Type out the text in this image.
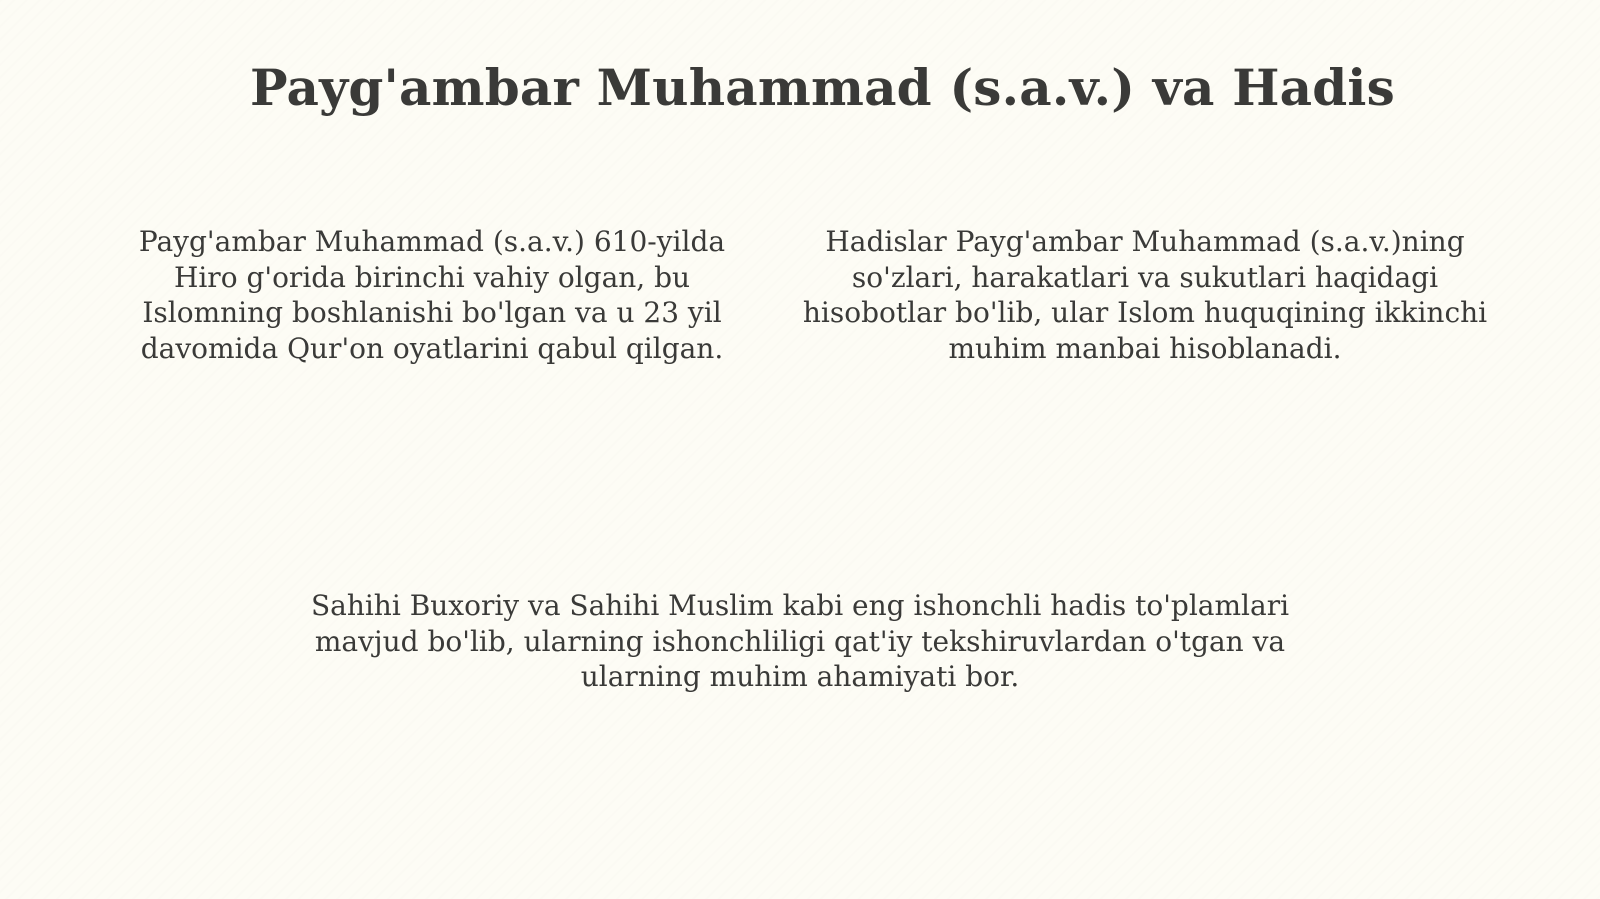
Payg'ambar Muhammad (s.a.v.) va Hadis

Payg'ambar Muhammad (s.a.v.) 610-yilda Hiro g'orida birinchi vahiy olgan, bu Islomning boshlanishi bo'lgan va u 23 yil davomida Qur'on oyatlarini qabul qilgan.

Hadislar Payg'ambar Muhammad (s.a.v.)ning so'zlari, harakatlari va sukutlari haqidagi hisobotlar bo'lib, ular Islom huquqining ikkinchi muhim manbai hisoblanadi.

Sahihi Buxoriy va Sahihi Muslim kabi eng ishonchli hadis to'plamlari mavjud bo'lib, ularning ishonchliligi qat'iy tekshiruvlardan o'tgan va ularning muhim ahamiyati bor.
